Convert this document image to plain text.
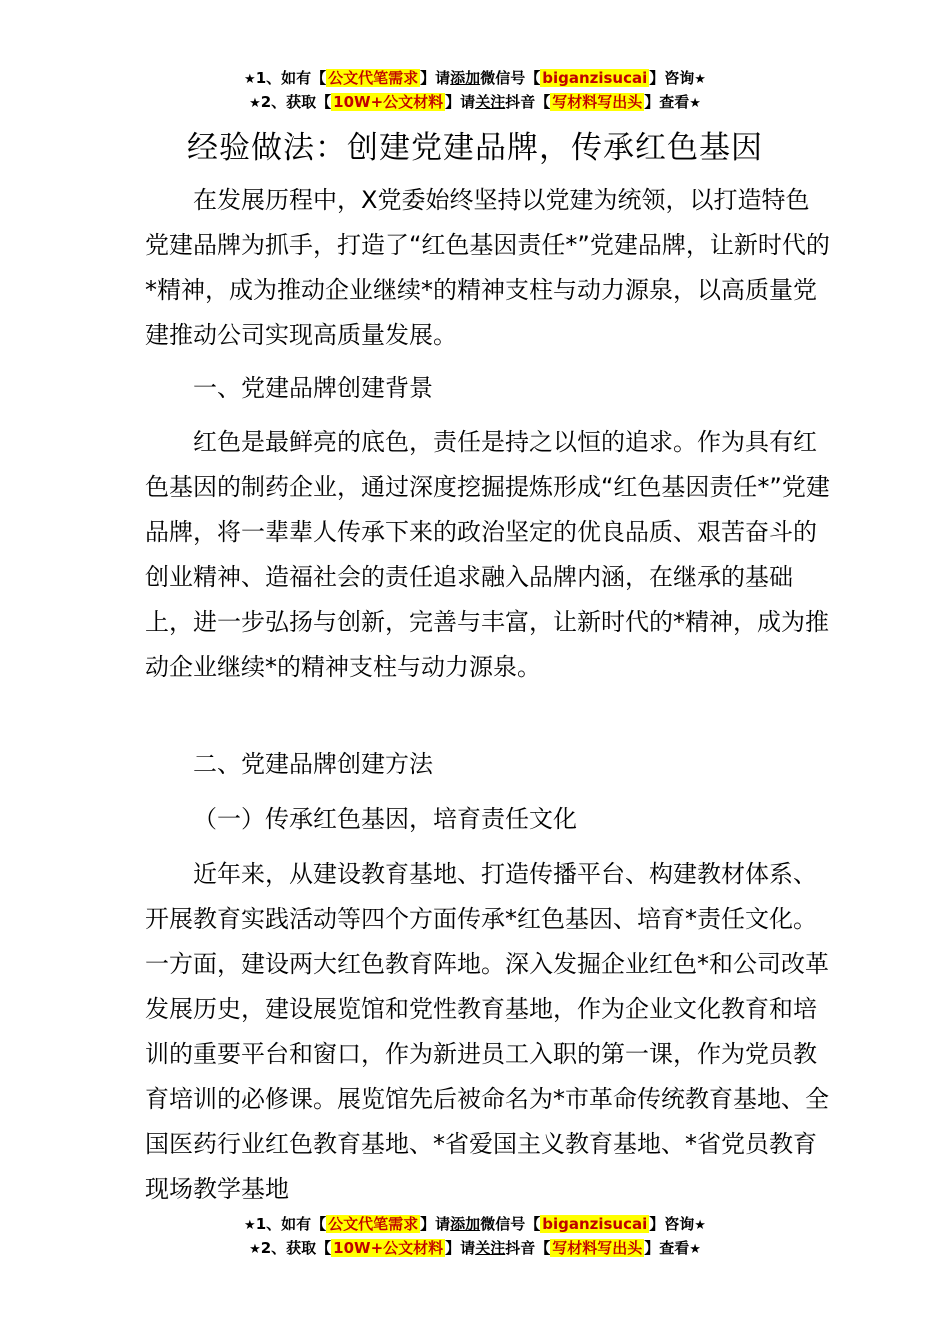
★1、如有【 公文代笔需求 】请添加微信号【 biganzisucai 】咨询★
★2、获取【 10W+公文材料 】请关注抖音【 写材料写出头 】查看★
经验做法：创建党建品牌，传承红色基因

在发展历程中，X党委始终坚持以党建为统领，以打造特色党建品牌为抓手，打造了“红色基因责任*”党建品牌，让新时代的*精神，成为推动企业继续*的精神支柱与动力源泉，以高质量党建推动公司实现高质量发展。

一、党建品牌创建背景

红色是最鲜亮的底色，责任是持之以恒的追求。作为具有红色基因的制药企业，通过深度挖掘提炼形成“红色基因责任*”党建品牌，将一辈辈人传承下来的政治坚定的优良品质、艰苦奋斗的创业精神、造福社会的责任追求融入品牌内涵，在继承的基础上，进一步弘扬与创新，完善与丰富，让新时代的*精神，成为推动企业继续*的精神支柱与动力源泉。

二、党建品牌创建方法

（一）传承红色基因，培育责任文化

近年来，从建设教育基地、打造传播平台、构建教材体系、开展教育实践活动等四个方面传承*红色基因、培育*责任文化。一方面，建设两大红色教育阵地。深入发掘企业红色*和公司改革发展历史，建设展览馆和党性教育基地，作为企业文化教育和培训的重要平台和窗口，作为新进员工入职的第一课，作为党员教育培训的必修课。展览馆先后被命名为*市革命传统教育基地、全国医药行业红色教育基地、*省爱国主义教育基地、*省党员教育现场教学基地

★1、如有【 公文代笔需求 】请添加微信号【 biganzisucai 】咨询★
★2、获取【 10W+公文材料 】请关注抖音【 写材料写出头 】查看★
